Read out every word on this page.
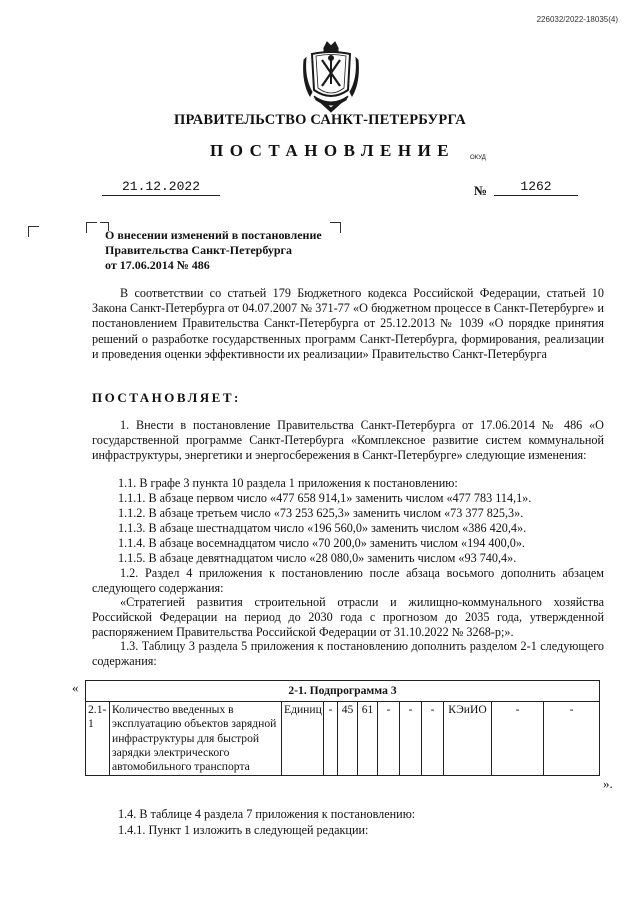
226032/2022-18035(4)
ПРАВИТЕЛЬСТВО САНКТ-ПЕТЕРБУРГА
ПОСТАНОВЛЕНИЕ ОКУД
21.12.2022	№	1262
О внесении изменений в постановление
Правительства Санкт-Петербурга
от 17.06.2014 № 486
В соответствии со статьей 179 Бюджетного кодекса Российской Федерации, статьей 10 Закона Санкт-Петербурга от 04.07.2007 № 371-77 «О бюджетном процессе в Санкт-Петербурге» и постановлением Правительства Санкт-Петербурга от 25.12.2013 № 1039 «О порядке принятия решений о разработке государственных программ Санкт-Петербурга, формирования, реализации и проведения оценки эффективности их реализации» Правительство Санкт-Петербурга
ПОСТАНОВЛЯЕТ:
1. Внести в постановление Правительства Санкт-Петербурга от 17.06.2014 № 486 «О государственной программе Санкт-Петербурга «Комплексное развитие систем коммунальной инфраструктуры, энергетики и энергосбережения в Санкт-Петербурге» следующие изменения:
1.1. В графе 3 пункта 10 раздела 1 приложения к постановлению:
1.1.1. В абзаце первом число «477 658 914,1» заменить числом «477 783 114,1».
1.1.2. В абзаце третьем число «73 253 625,3» заменить числом «73 377 825,3».
1.1.3. В абзаце шестнадцатом число «196 560,0» заменить числом «386 420,4».
1.1.4. В абзаце восемнадцатом число «70 200,0» заменить числом «194 400,0».
1.1.5. В абзаце девятнадцатом число «28 080,0» заменить числом «93 740,4».
1.2. Раздел 4 приложения к постановлению после абзаца восьмого дополнить абзацем следующего содержания:
«Стратегией развития строительной отрасли и жилищно-коммунального хозяйства Российской Федерации на период до 2030 года с прогнозом до 2035 года, утвержденной распоряжением Правительства Российской Федерации от 31.10.2022 № 3268-р;».
1.3. Таблицу 3 раздела 5 приложения к постановлению дополнить разделом 2-1 следующего содержания:
«	2-1. Подпрограмма 3
2.1-1	Количество введенных в эксплуатацию объектов зарядной инфраструктуры для быстрой зарядки электрического автомобильного транспорта	Единиц	-	45	61	-	-	-	КЭиИО	-	-
».
1.4. В таблице 4 раздела 7 приложения к постановлению:
1.4.1. Пункт 1 изложить в следующей редакции:
